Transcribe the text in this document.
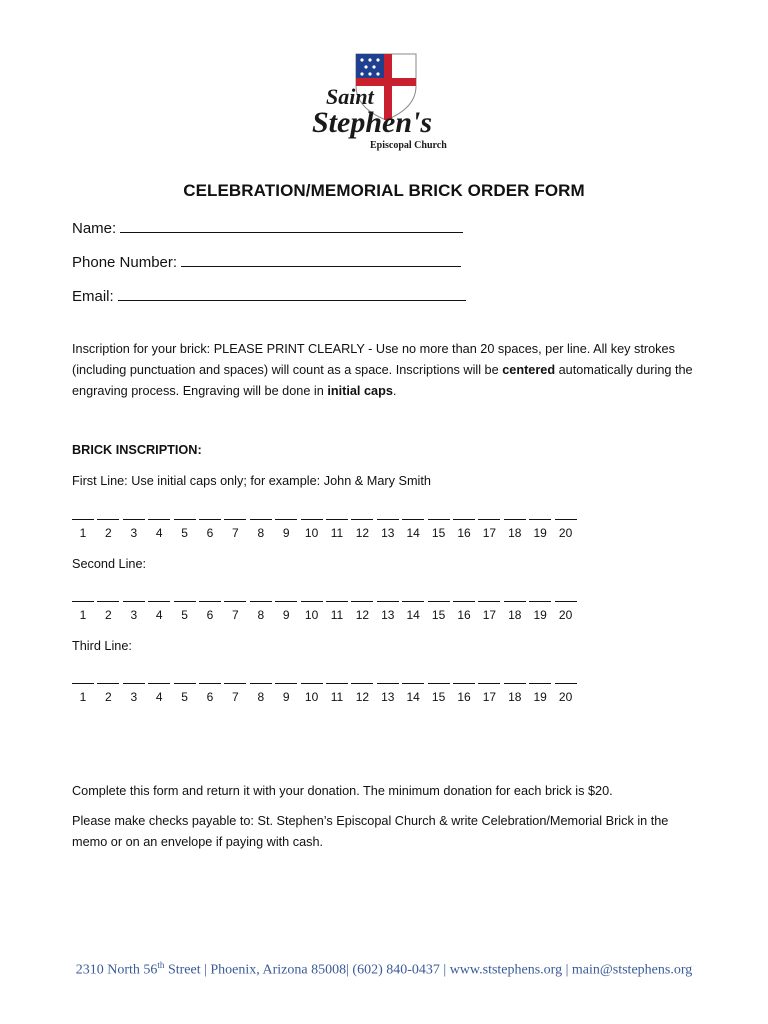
Saint
Stephen's
Episcopal Church
CELEBRATION/MEMORIAL BRICK ORDER FORM
Name:
Phone Number:
Email:
Inscription for your brick: PLEASE PRINT CLEARLY - Use no more than 20 spaces, per line. All key strokes (including punctuation and spaces) will count as a space. Inscriptions will be centered automatically during the engraving process. Engraving will be done in initial caps.
BRICK INSCRIPTION:
First Line: Use initial caps only; for example: John & Mary Smith
1	2	3	4	5	6	7	8	9	10	11	12	13	14	15	16	17	18	19	20
Second Line:
1	2	3	4	5	6	7	8	9	10	11	12	13	14	15	16	17	18	19	20
Third Line:
1	2	3	4	5	6	7	8	9	10	11	12	13	14	15	16	17	18	19	20
Complete this form and return it with your donation. The minimum donation for each brick is $20.
Please make checks payable to: St. Stephen’s Episcopal Church & write Celebration/Memorial Brick in the memo or on an envelope if paying with cash.
2310 North 56th Street | Phoenix, Arizona 85008| (602) 840-0437 | www.ststephens.org | main@ststephens.org
